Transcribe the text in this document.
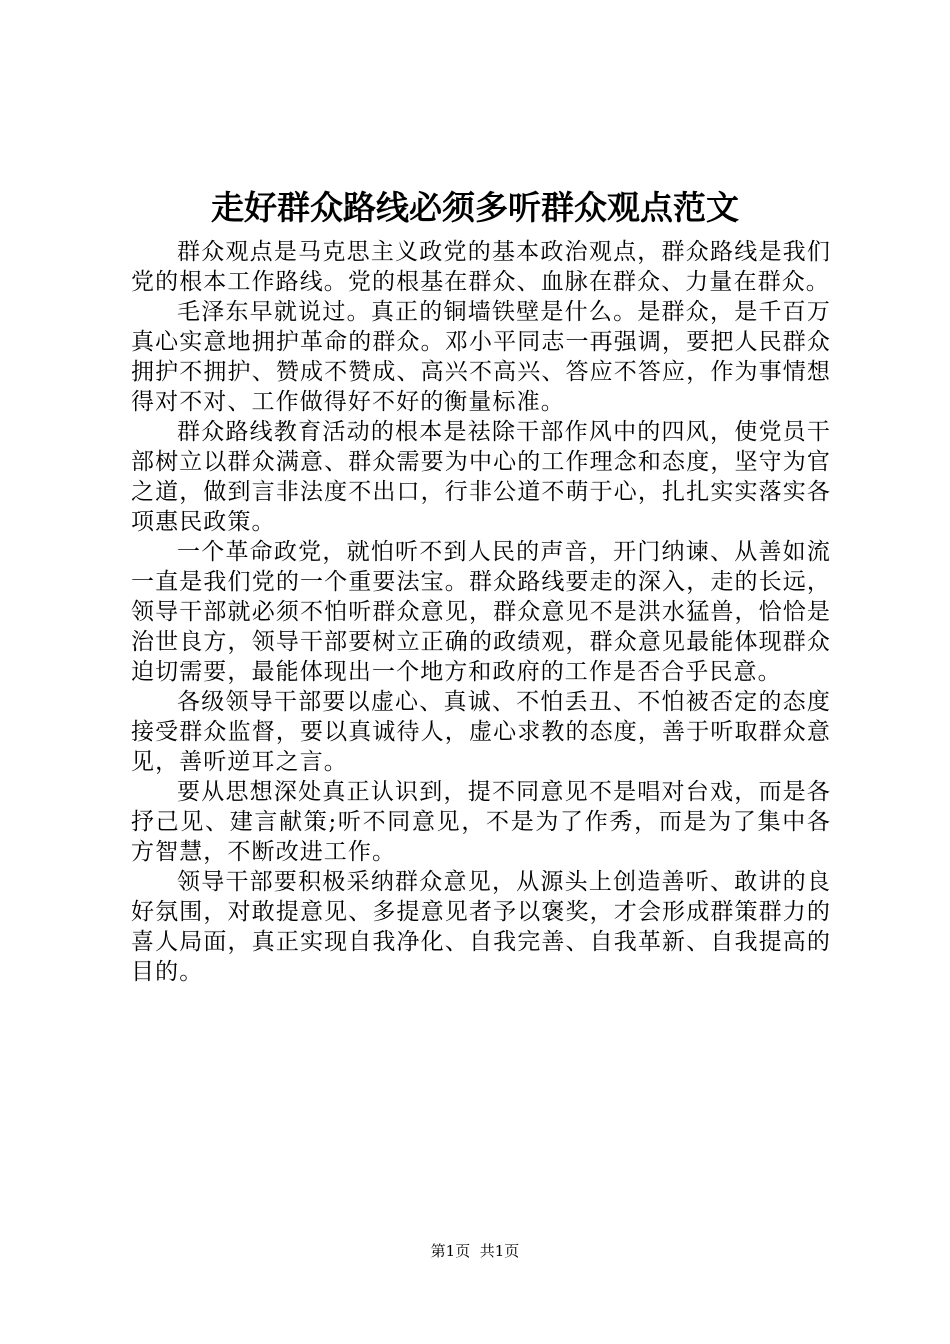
走好群众路线必须多听群众观点范文

群众观点是马克思主义政党的基本政治观点，群众路线是我们党的根本工作路线。党的根基在群众、血脉在群众、力量在群众。

毛泽东早就说过。真正的铜墙铁壁是什么。是群众，是千百万真心实意地拥护革命的群众。邓小平同志一再强调，要把人民群众拥护不拥护、赞成不赞成、高兴不高兴、答应不答应，作为事情想得对不对、工作做得好不好的衡量标准。

群众路线教育活动的根本是祛除干部作风中的四风，使党员干部树立以群众满意、群众需要为中心的工作理念和态度，坚守为官之道，做到言非法度不出口，行非公道不萌于心，扎扎实实落实各项惠民政策。

一个革命政党，就怕听不到人民的声音，开门纳谏、从善如流一直是我们党的一个重要法宝。群众路线要走的深入，走的长远，领导干部就必须不怕听群众意见，群众意见不是洪水猛兽，恰恰是治世良方，领导干部要树立正确的政绩观，群众意见最能体现群众迫切需要，最能体现出一个地方和政府的工作是否合乎民意。

各级领导干部要以虚心、真诚、不怕丢丑、不怕被否定的态度接受群众监督，要以真诚待人，虚心求教的态度，善于听取群众意见，善听逆耳之言。

要从思想深处真正认识到，提不同意见不是唱对台戏，而是各抒己见、建言献策;听不同意见，不是为了作秀，而是为了集中各方智慧，不断改进工作。

领导干部要积极采纳群众意见，从源头上创造善听、敢讲的良好氛围，对敢提意见、多提意见者予以褒奖，才会形成群策群力的喜人局面，真正实现自我净化、自我完善、自我革新、自我提高的目的。

第1页 共1页
